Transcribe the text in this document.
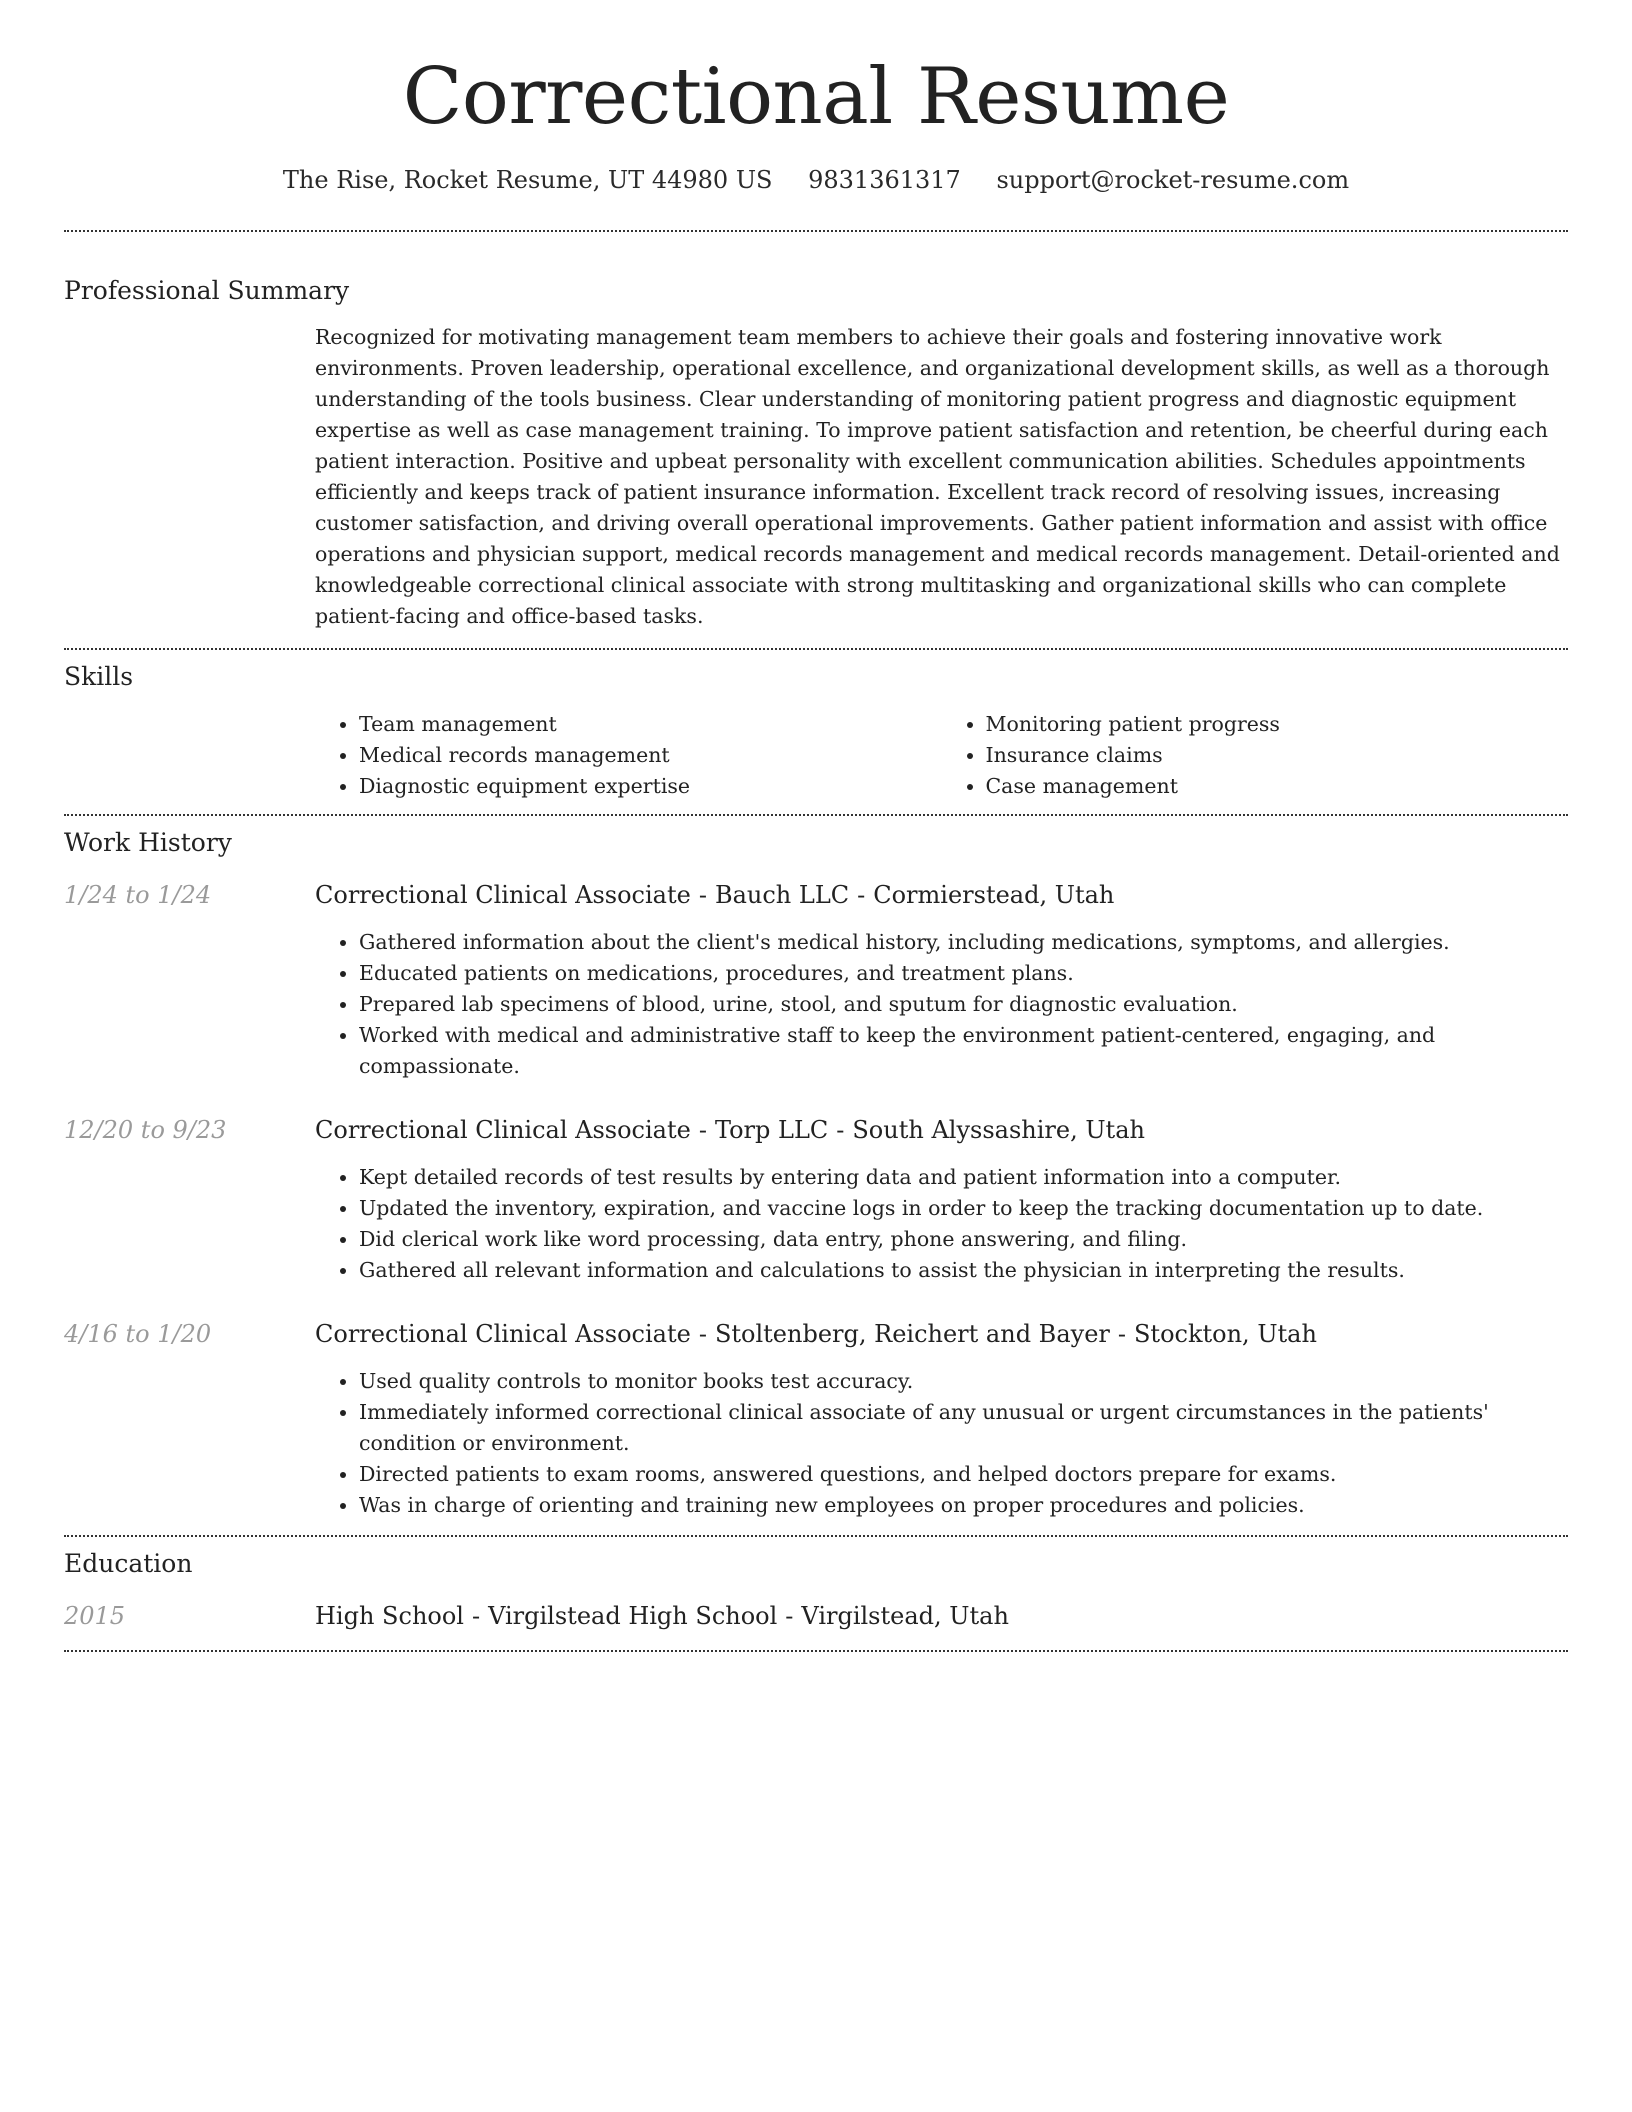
Correctional Resume
The Rise, Rocket Resume, UT 44980 US 9831361317 support@rocket-resume.com
Professional Summary

Recognized for motivating management team members to achieve their goals and fostering innovative work environments. Proven leadership, operational excellence, and organizational development skills, as well as a thorough understanding of the tools business. Clear understanding of monitoring patient progress and diagnostic equipment expertise as well as case management training. To improve patient satisfaction and retention, be cheerful during each patient interaction. Positive and upbeat personality with excellent communication abilities. Schedules appointments efficiently and keeps track of patient insurance information. Excellent track record of resolving issues, increasing customer satisfaction, and driving overall operational improvements. Gather patient information and assist with office operations and physician support, medical records management and medical records management. Detail-oriented and knowledgeable correctional clinical associate with strong multitasking and organizational skills who can complete patient-facing and office-based tasks.

Skills
• Team management
• Medical records management
• Diagnostic equipment expertise
• Monitoring patient progress
• Insurance claims
• Case management
Work History
1/24 to 1/24	Correctional Clinical Associate - Bauch LLC - Cormierstead, Utah
• Gathered information about the client's medical history, including medications, symptoms, and allergies.
• Educated patients on medications, procedures, and treatment plans.
• Prepared lab specimens of blood, urine, stool, and sputum for diagnostic evaluation.
• Worked with medical and administrative staff to keep the environment patient-centered, engaging, and compassionate.
12/20 to 9/23	Correctional Clinical Associate - Torp LLC - South Alyssashire, Utah
• Kept detailed records of test results by entering data and patient information into a computer.
• Updated the inventory, expiration, and vaccine logs in order to keep the tracking documentation up to date.
• Did clerical work like word processing, data entry, phone answering, and filing.
• Gathered all relevant information and calculations to assist the physician in interpreting the results.
4/16 to 1/20	Correctional Clinical Associate - Stoltenberg, Reichert and Bayer - Stockton, Utah
• Used quality controls to monitor books test accuracy.
• Immediately informed correctional clinical associate of any unusual or urgent circumstances in the patients' condition or environment.
• Directed patients to exam rooms, answered questions, and helped doctors prepare for exams.
• Was in charge of orienting and training new employees on proper procedures and policies.
Education
2015	High School - Virgilstead High School - Virgilstead, Utah
